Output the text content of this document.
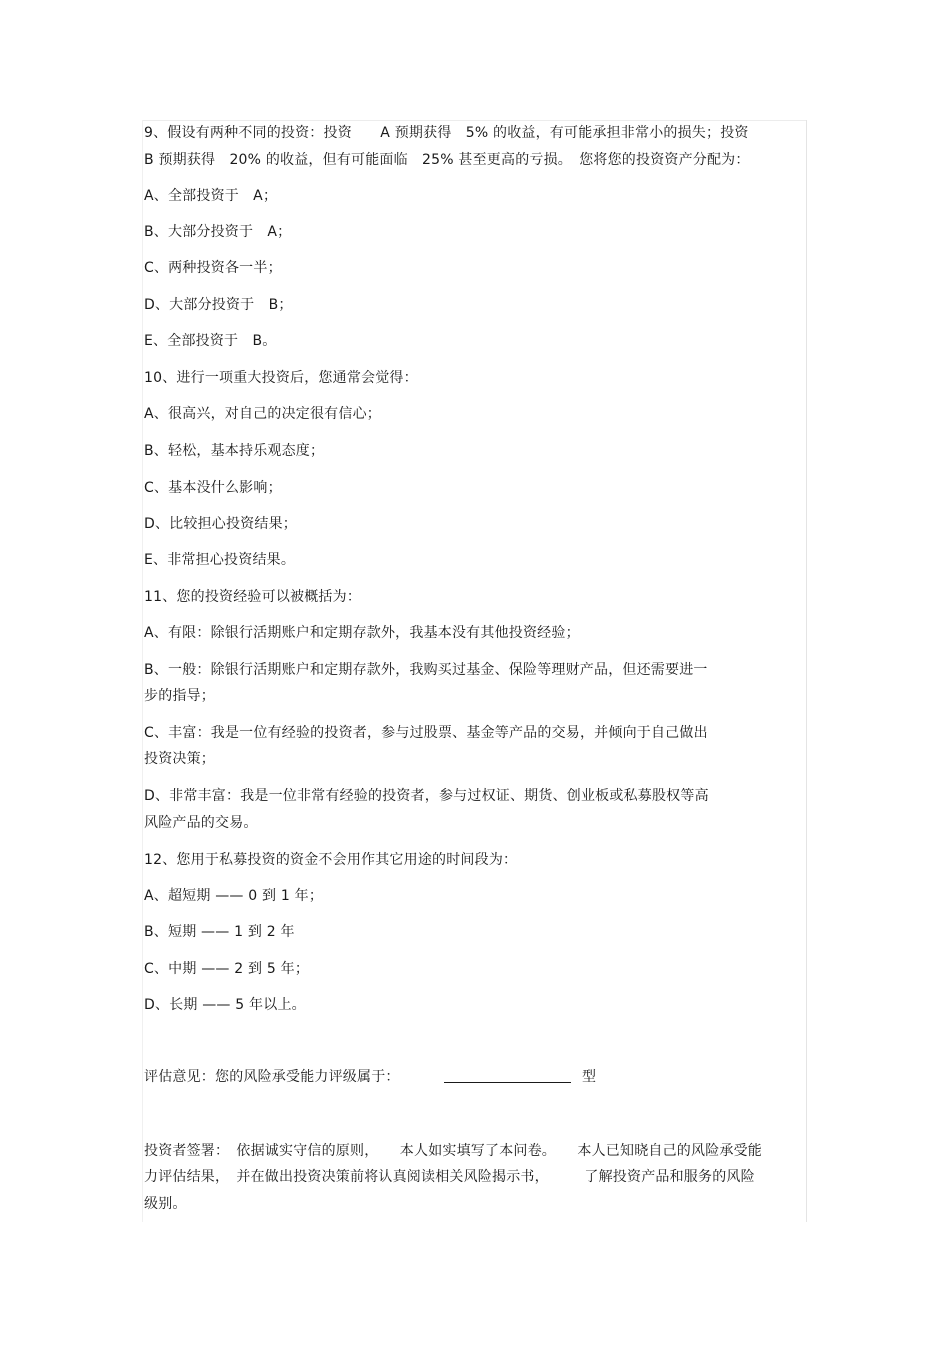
9、假设有两种不同的投资：投资　　A 预期获得　5% 的收益，有可能承担非常小的损失；投资
B 预期获得　20% 的收益，但有可能面临　25% 甚至更高的亏损。　您将您的投资资产分配为：
A、全部投资于　A；
B、大部分投资于　A；
C、两种投资各一半；
D、大部分投资于　B；
E、全部投资于　B。
10、进行一项重大投资后，您通常会觉得：
A、很高兴，对自己的决定很有信心；
B、轻松，基本持乐观态度；
C、基本没什么影响；
D、比较担心投资结果；
E、非常担心投资结果。
11、您的投资经验可以被概括为：
A、有限：除银行活期账户和定期存款外，我基本没有其他投资经验；
B、一般：除银行活期账户和定期存款外，我购买过基金、保险等理财产品，但还需要进一
步的指导；
C、丰富：我是一位有经验的投资者，参与过股票、基金等产品的交易，并倾向于自己做出
投资决策；
D、非常丰富：我是一位非常有经验的投资者，参与过权证、期货、创业板或私募股权等高
风险产品的交易。
12、您用于私募投资的资金不会用作其它用途的时间段为：
A、超短期 —— 0 到 1 年；
B、短期 —— 1 到 2 年
C、中期 —— 2 到 5 年；
D、长期 —— 5 年以上。
评估意见：您的风险承受能力评级属于：	型
投资者签署：　依据诚实守信的原则，　　本人如实填写了本问卷。　　本人已知晓自己的风险承受能
力评估结果，　并在做出投资决策前将认真阅读相关风险揭示书，　　　了解投资产品和服务的风险
级别。
